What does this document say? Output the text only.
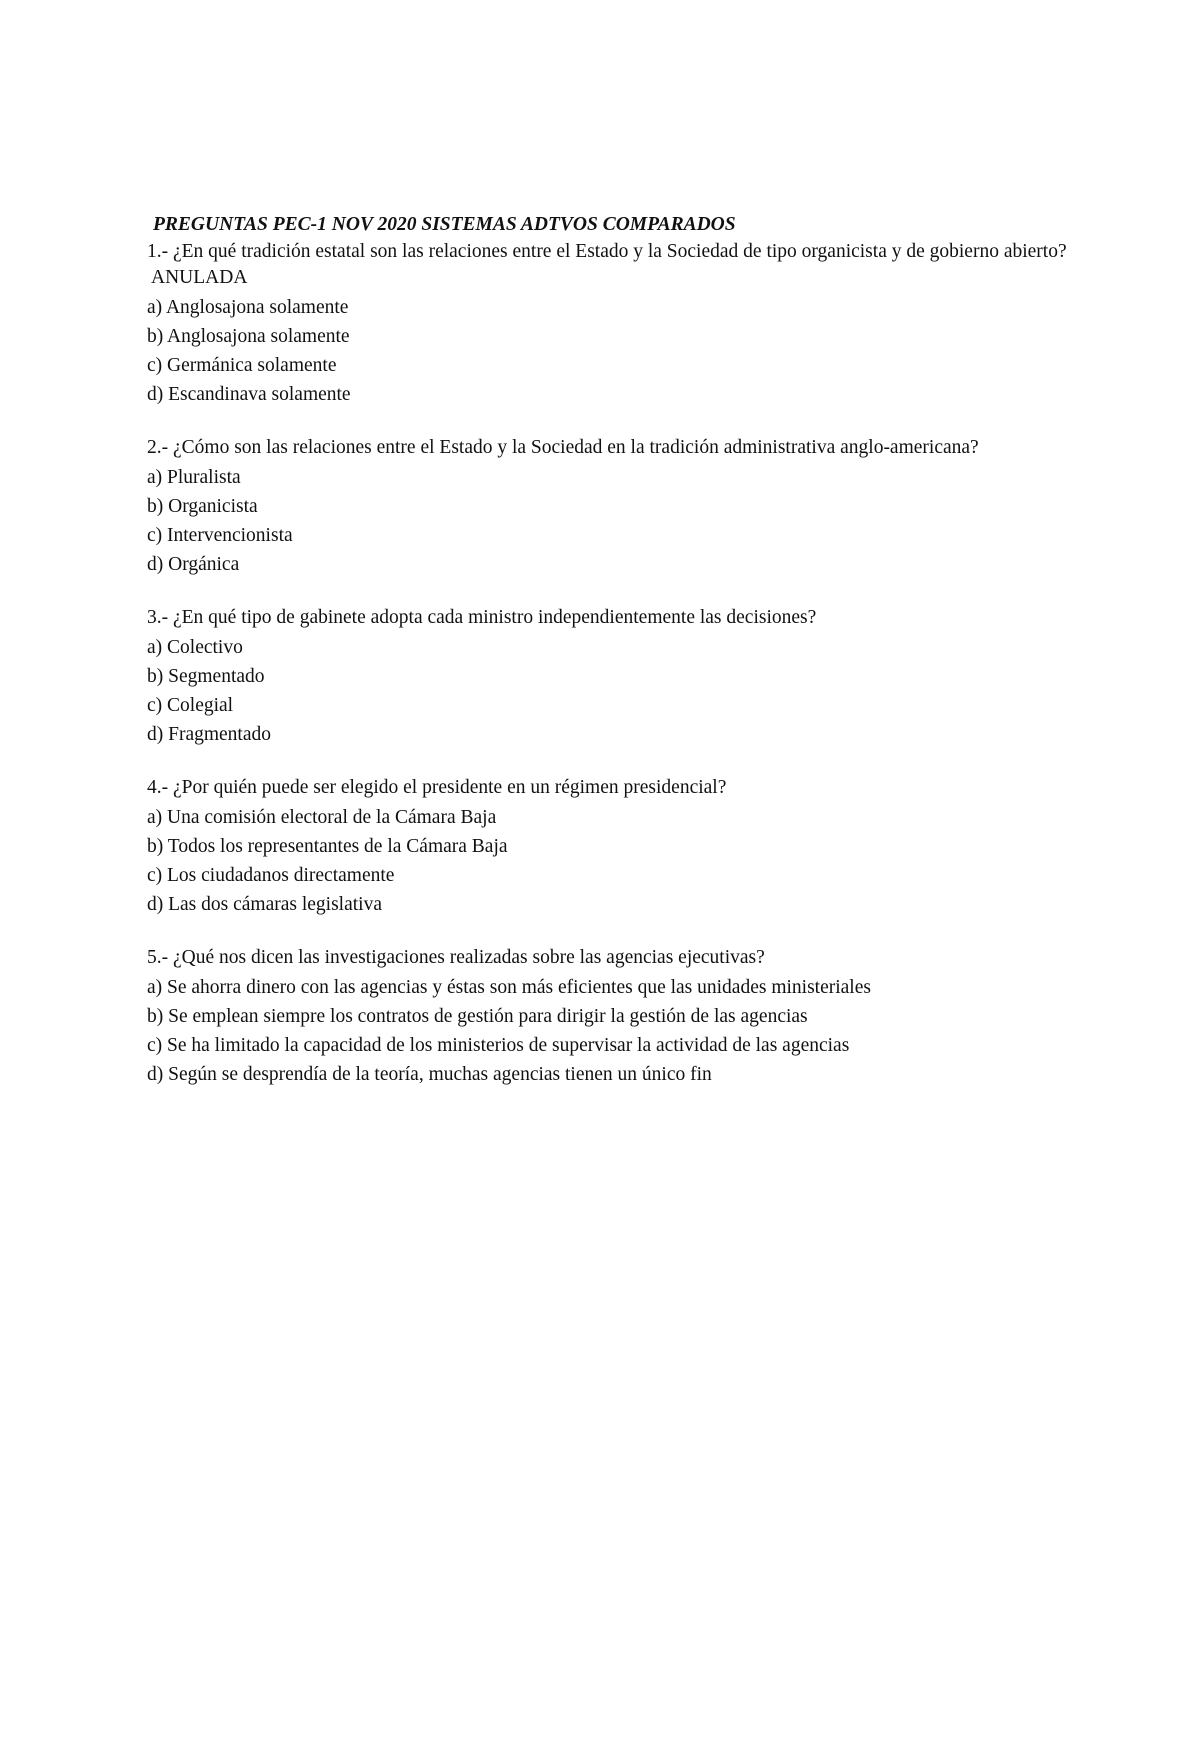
PREGUNTAS PEC-1 NOV 2020 SISTEMAS ADTVOS COMPARADOS

1.- ¿En qué tradición estatal son las relaciones entre el Estado y la Sociedad de tipo organicista y de gobierno abierto?ANULADA

a) Anglosajona solamente

b) Anglosajona solamente

c) Germánica solamente

d) Escandinava solamente

2.- ¿Cómo son las relaciones entre el Estado y la Sociedad en la tradición administrativa anglo-americana?

a) Pluralista

b) Organicista

c) Intervencionista

d) Orgánica

3.- ¿En qué tipo de gabinete adopta cada ministro independientemente las decisiones?

a) Colectivo

b) Segmentado

c) Colegial

d) Fragmentado

4.- ¿Por quién puede ser elegido el presidente en un régimen presidencial?

a) Una comisión electoral de la Cámara Baja

b) Todos los representantes de la Cámara Baja

c) Los ciudadanos directamente

d) Las dos cámaras legislativa

5.- ¿Qué nos dicen las investigaciones realizadas sobre las agencias ejecutivas?

a) Se ahorra dinero con las agencias y éstas son más eficientes que las unidades ministeriales

b) Se emplean siempre los contratos de gestión para dirigir la gestión de las agencias

c) Se ha limitado la capacidad de los ministerios de supervisar la actividad de las agencias

d) Según se desprendía de la teoría, muchas agencias tienen un único fin
